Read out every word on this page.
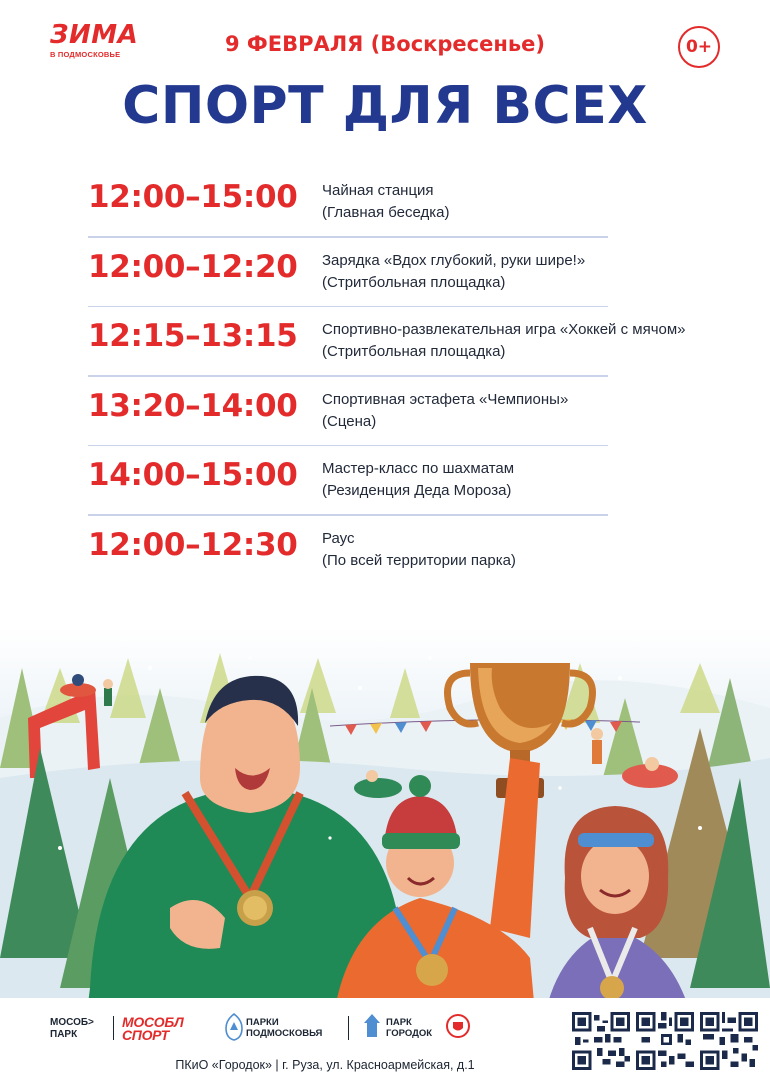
ЗИМА
В ПОДМОСКОВЬЕ	9 ФЕВРАЛЯ (Воскресенье)	0+
СПОРТ ДЛЯ ВСЕХ
12:00–15:00	Чайная станция
(Главная беседка)
12:00–12:20	Зарядка «Вдох глубокий, руки шире!»
(Стритбольная площадка)
12:15–13:15	Спортивно-развлекательная игра «Хоккей с мячом»
(Стритбольная площадка)
13:20–14:00	Спортивная эстафета «Чемпионы»
(Сцена)
14:00–15:00	Мастер-класс по шахматам
(Резиденция Деда Мороза)
12:00–12:30	Раус
(По всей территории парка)
МОСОБ>
ПАРК
МОСОБЛ
СПОРТ
ПАРКИ
ПОДМОСКОВЬЯ
ПАРК
ГОРОДОК
ПКиО «Городок» | г. Руза, ул. Красноармейская, д.1
